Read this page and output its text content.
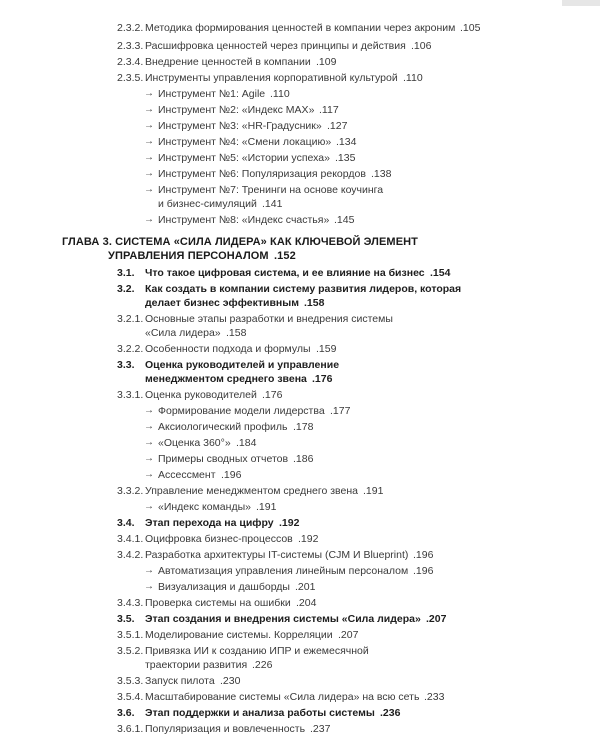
2.3.2. Методика формирования ценностей в компании через акроним .105
2.3.3. Расшифровка ценностей через принципы и действия .106
2.3.4. Внедрение ценностей в компании .109
2.3.5. Инструменты управления корпоративной культурой .110
→ Инструмент №1: Agile .110
→ Инструмент №2: «Индекс MAX» .117
→ Инструмент №3: «HR-Градусник» .127
→ Инструмент №4: «Смени локацию» .134
→ Инструмент №5: «Истории успеха» .135
→ Инструмент №6: Популяризация рекордов .138
→ Инструмент №7: Тренинги на основе коучинга
и бизнес-симуляций .141
→ Инструмент №8: «Индекс счастья» .145
ГЛАВА 3. СИСТЕМА «СИЛА ЛИДЕРА» КАК КЛЮЧЕВОЙ ЭЛЕМЕНТ
УПРАВЛЕНИЯ ПЕРСОНАЛОМ .152
3.1. Что такое цифровая система, и ее влияние на бизнес .154
3.2. Как создать в компании систему развития лидеров, которая
делает бизнес эффективным .158
3.2.1. Основные этапы разработки и внедрения системы
«Сила лидера» .158
3.2.2. Особенности подхода и формулы .159
3.3. Оценка руководителей и управление
менеджментом среднего звена .176
3.3.1. Оценка руководителей .176
→ Формирование модели лидерства .177
→ Аксиологический профиль .178
→ «Оценка 360°» .184
→ Примеры сводных отчетов .186
→ Ассессмент .196
3.3.2. Управление менеджментом среднего звена .191
→ «Индекс команды» .191
3.4. Этап перехода на цифру .192
3.4.1. Оцифровка бизнес-процессов .192
3.4.2. Разработка архитектуры IT-системы (CJM И Blueprint) .196
→ Автоматизация управления линейным персоналом .196
→ Визуализация и дашборды .201
3.4.3. Проверка системы на ошибки .204
3.5. Этап создания и внедрения системы «Сила лидера» .207
3.5.1. Моделирование системы. Корреляции .207
3.5.2. Привязка ИИ к созданию ИПР и ежемесячной
траектории развития .226
3.5.3. Запуск пилота .230
3.5.4. Масштабирование системы «Сила лидера» на всю сеть .233
3.6. Этап поддержки и анализа работы системы .236
3.6.1. Популяризация и вовлеченность .237
